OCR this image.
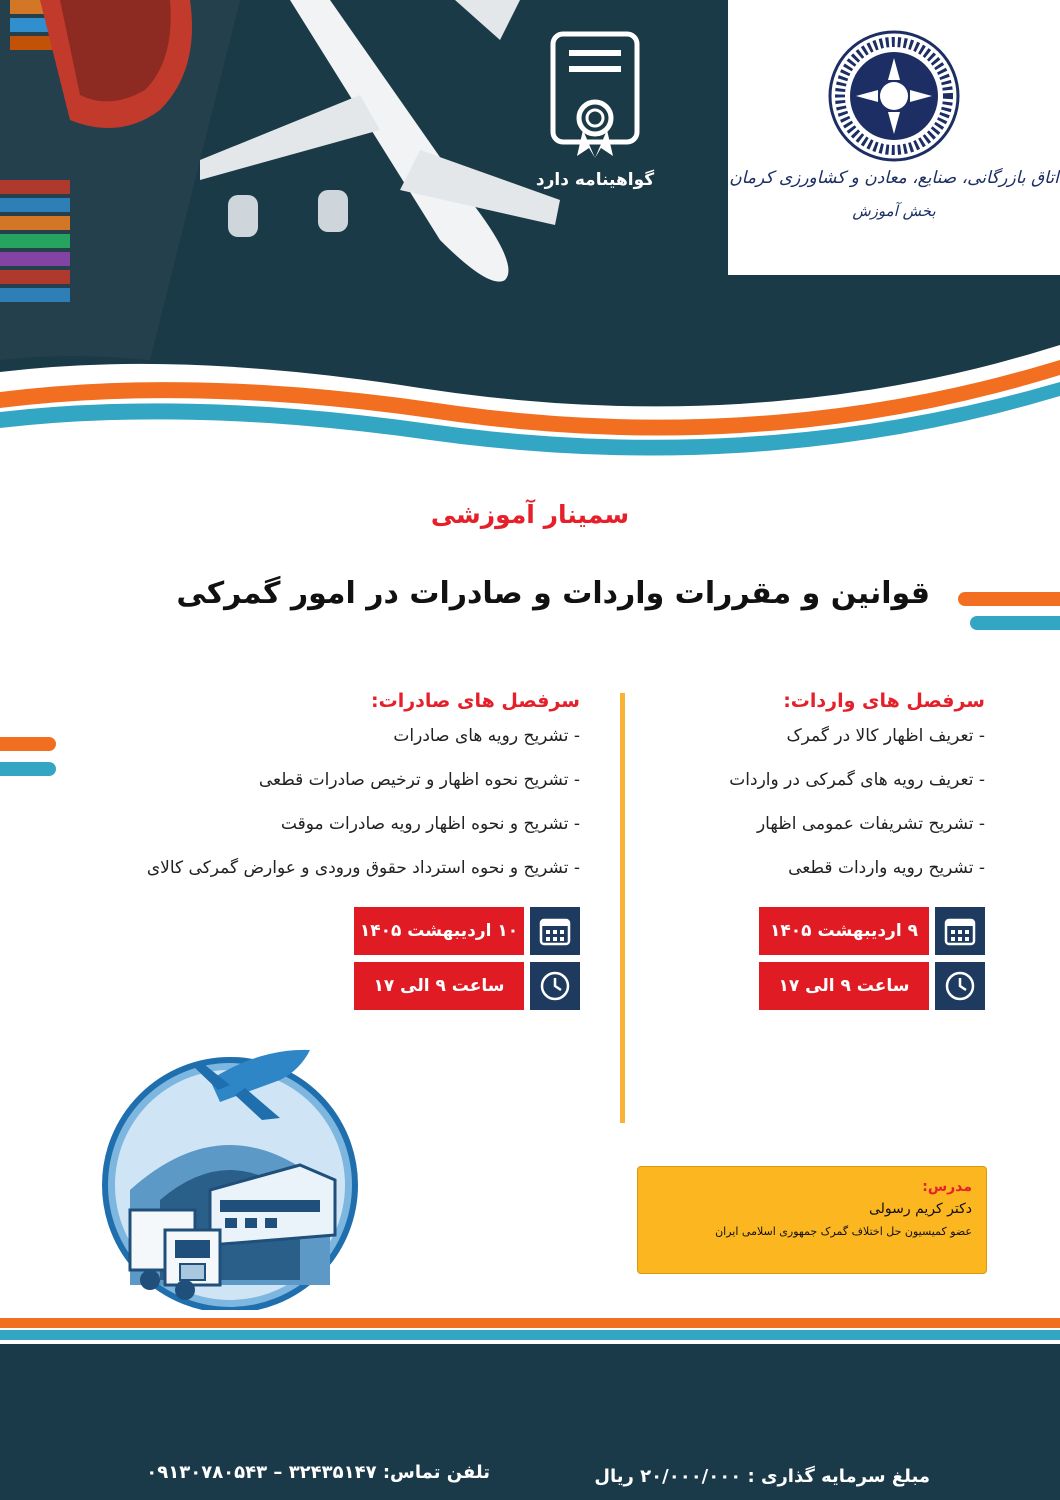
اتاق بازرگانی، صنایع، معادن و کشاورزی کرمان
بخش آموزش
گواهینامه دارد
سمینار آموزشی
قوانین و مقررات واردات و صادرات در امور گمرکی
سرفصل های واردات:
- تعریف اظهار کالا در گمرک
- تعریف رویه های گمرکی در واردات
- تشریح تشریفات عمومی اظهار
- تشریح رویه واردات قطعی
سرفصل های صادرات:
- تشریح رویه های صادرات
- تشریح نحوه اظهار و ترخیص صادرات قطعی
- تشریح و نحوه اظهار رویه صادرات موقت
- تشریح و نحوه استرداد حقوق ورودی و عوارض گمرکی کالای
۹ اردیبهشت ۱۴۰۵
ساعت ۹ الی ۱۷
۱۰ اردیبهشت ۱۴۰۵
ساعت ۹ الی ۱۷
مدرس:
دکتر کریم رسولی
عضو کمیسیون حل اختلاف گمرک جمهوری اسلامی ایران
مبلغ سرمایه گذاری : ۲۰/۰۰۰/۰۰۰ ریال
تلفن تماس: ۳۲۴۳۵۱۴۷ – ۰۹۱۳۰۷۸۰۵۴۳
